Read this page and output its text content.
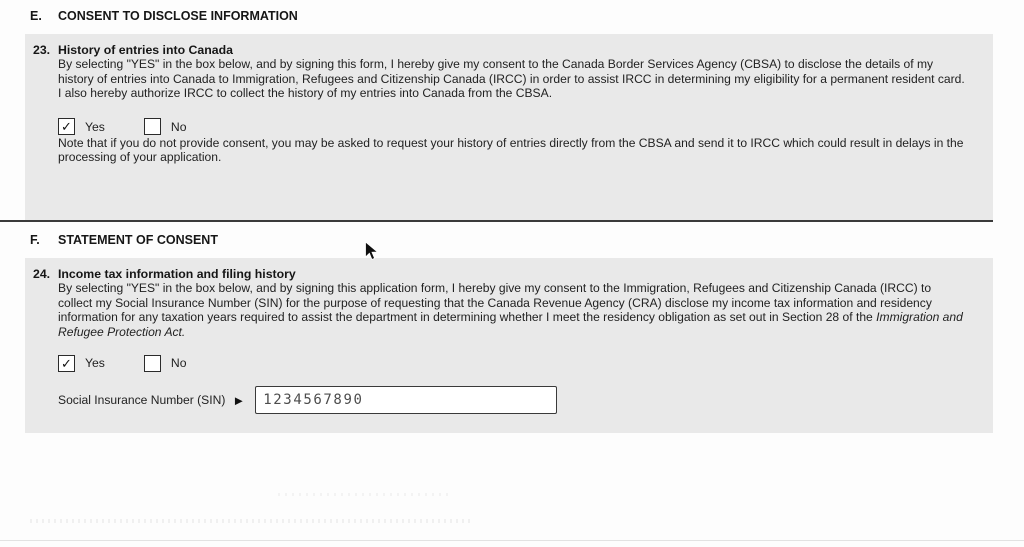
E.	CONSENT TO DISCLOSE INFORMATION
23. History of entries into Canada

By selecting "YES" in the box below, and by signing this form, I hereby give my consent to the Canada Border Services Agency (CBSA) to disclose the details of my history of entries into Canada to Immigration, Refugees and Citizenship Canada (IRCC) in order to assist IRCC in determining my eligibility for a permanent resident card.

I also hereby authorize IRCC to collect the history of my entries into Canada from the CBSA.

✓ Yes	No

Note that if you do not provide consent, you may be asked to request your history of entries directly from the CBSA and send it to IRCC which could result in delays in the processing of your application.

F.	STATEMENT OF CONSENT
24. Income tax information and filing history

By selecting "YES" in the box below, and by signing this application form, I hereby give my consent to the Immigration, Refugees and Citizenship Canada (IRCC) to collect my Social Insurance Number (SIN) for the purpose of requesting that the Canada Revenue Agency (CRA) disclose my income tax information and residency information for any taxation years required to assist the department in determining whether I meet the residency obligation as set out in Section 28 of the Immigration and Refugee Protection Act.

✓ Yes	No
Social Insurance Number (SIN) ►
1234567890
